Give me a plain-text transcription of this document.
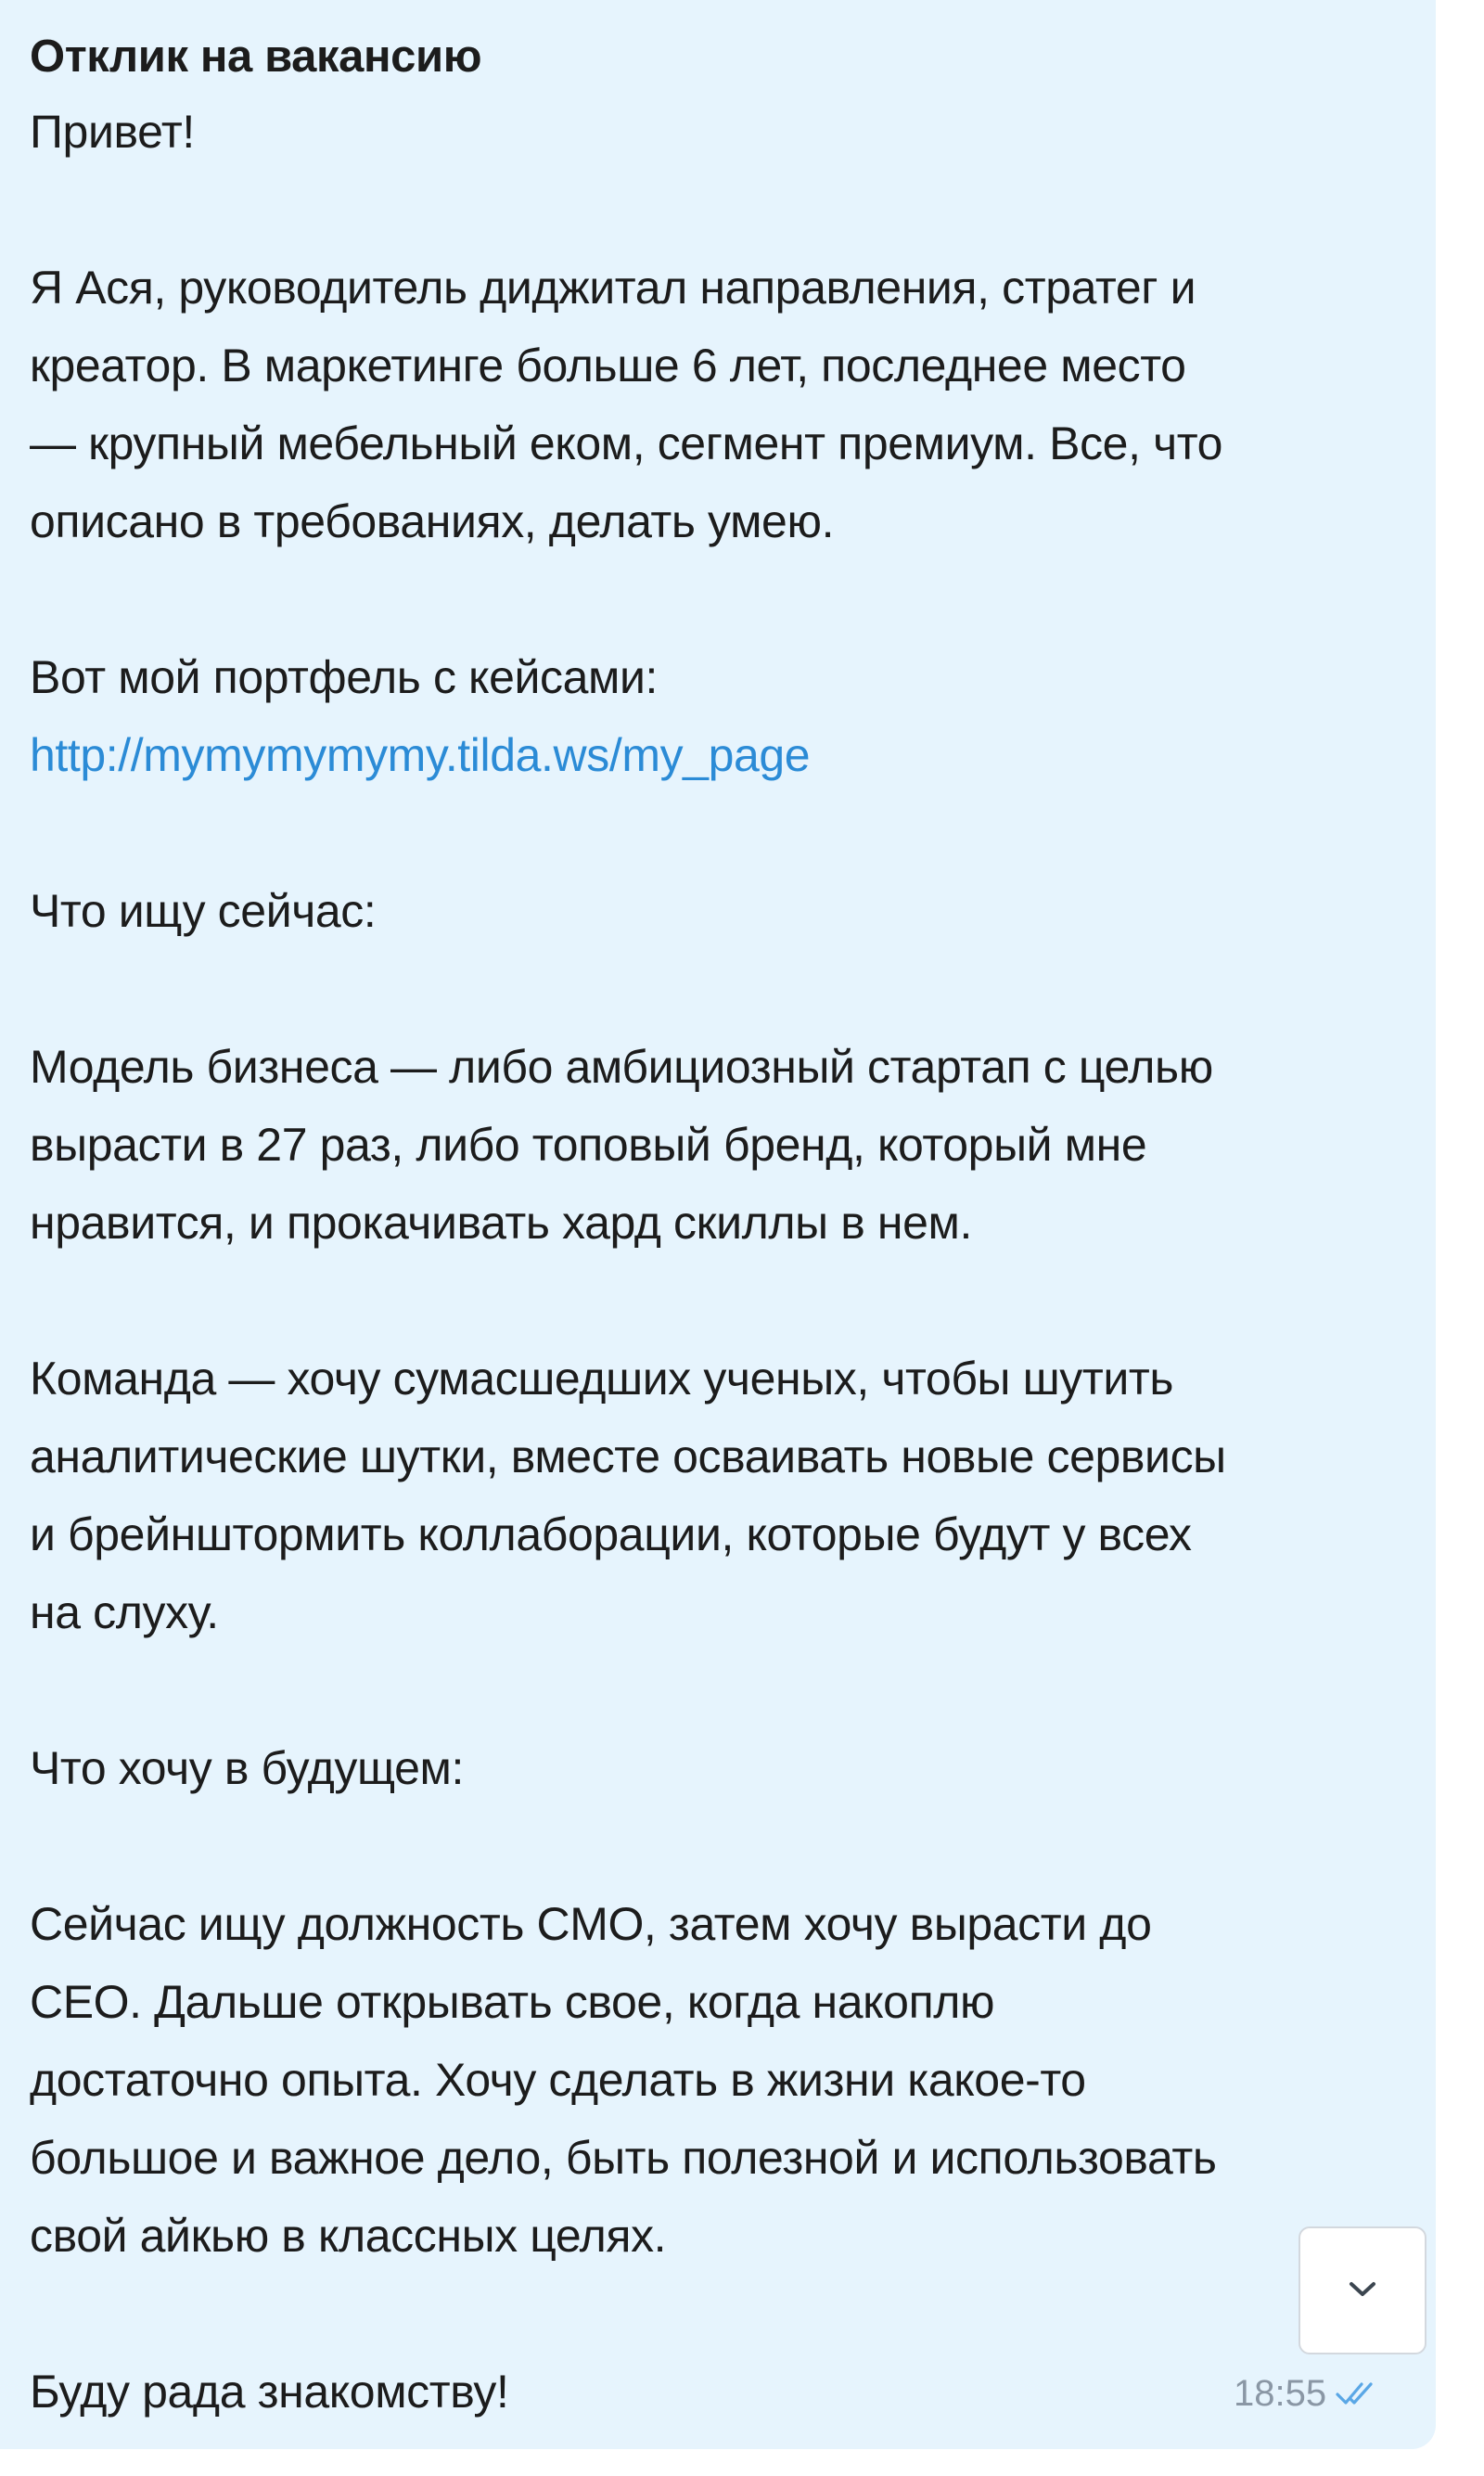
Отклик на вакансию
Привет!
Я Ася, руководитель диджитал направления, стратег и
креатор. В маркетинге больше 6 лет, последнее место
— крупный мебельный еком, сегмент премиум. Все, что
описано в требованиях, делать умею.
Вот мой портфель с кейсами:
http://mymymymymy.tilda.ws/my_page
Что ищу сейчас:
Модель бизнеса — либо амбициозный стартап с целью
вырасти в 27 раз, либо топовый бренд, который мне
нравится, и прокачивать хард скиллы в нем.
Команда — хочу сумасшедших ученых, чтобы шутить
аналитические шутки, вместе осваивать новые сервисы
и брейнштормить коллаборации, которые будут у всех
на слуху.
Что хочу в будущем:
Сейчас ищу должность CMO, затем хочу вырасти до
CEO. Дальше открывать свое, когда накоплю
достаточно опыта. Хочу сделать в жизни какое-то
большое и важное дело, быть полезной и использовать
свой айкью в классных целях.
Буду рада знакомству!	18:55
